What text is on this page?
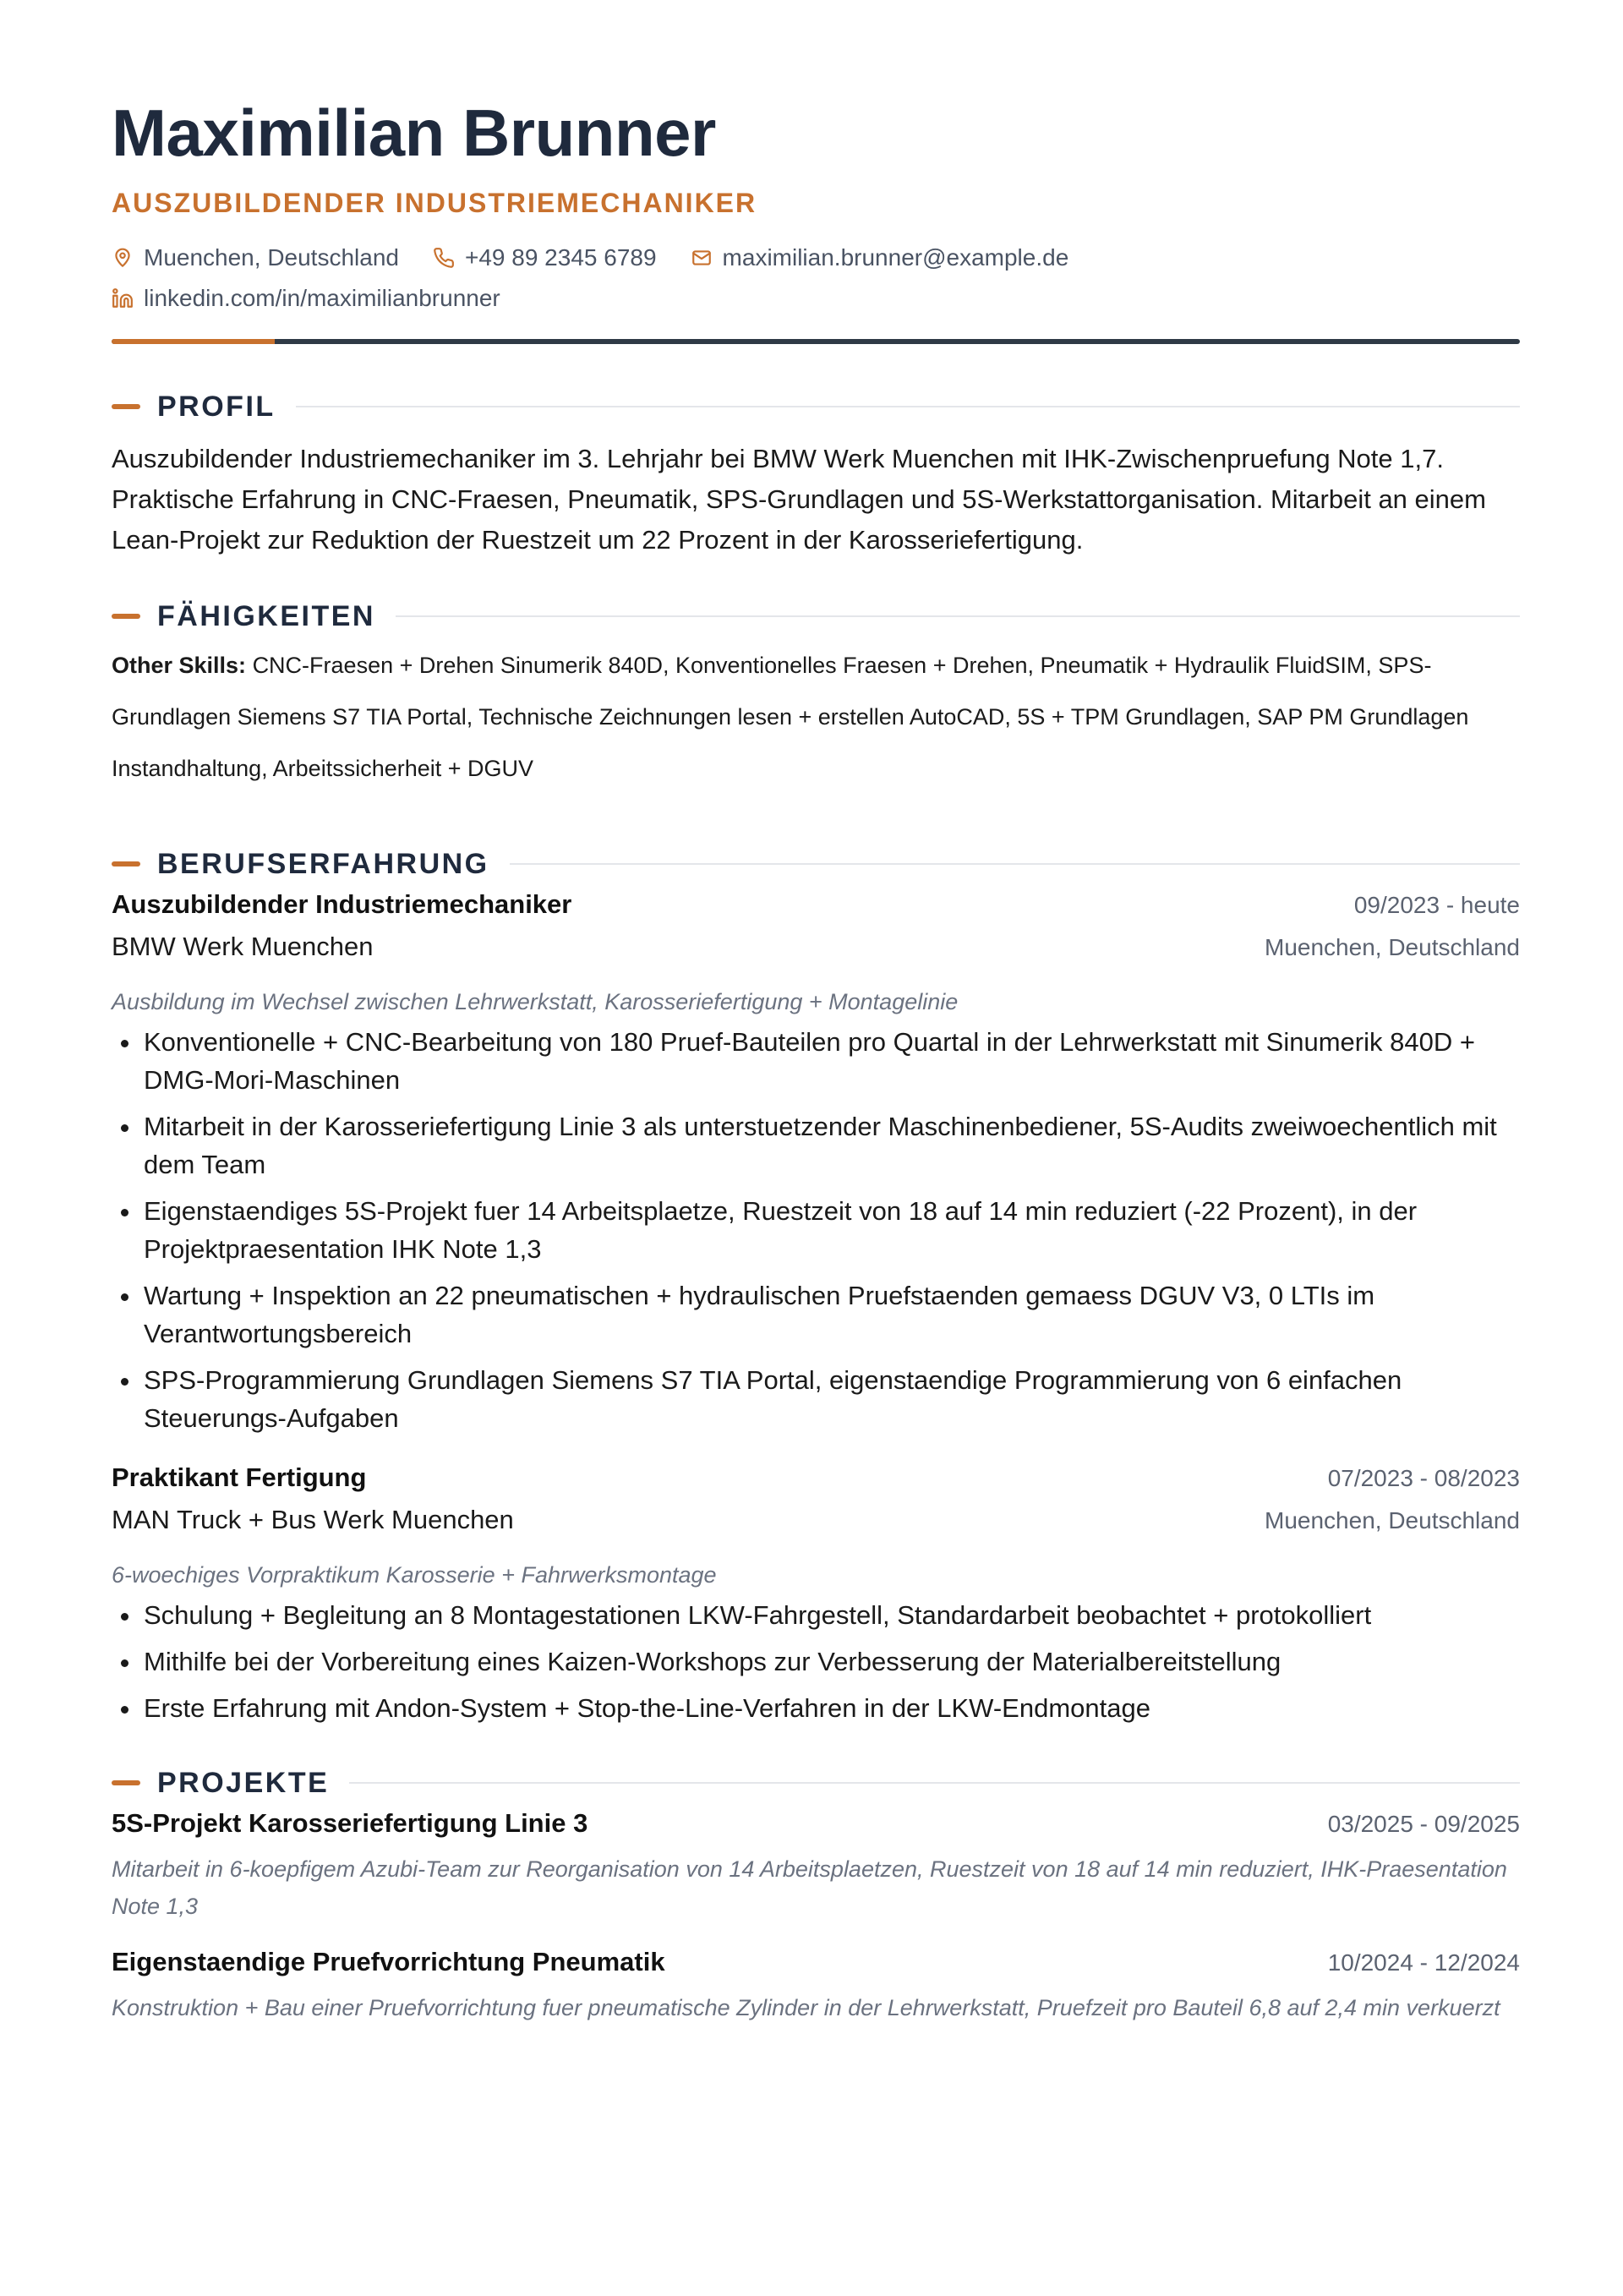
Maximilian Brunner
AUSZUBILDENDER INDUSTRIEMECHANIKER
Muenchen, Deutschland	+49 89 2345 6789	maximilian.brunner@example.de
linkedin.com/in/maximilianbrunner
PROFIL

Auszubildender Industriemechaniker im 3. Lehrjahr bei BMW Werk Muenchen mit IHK-Zwischenpruefung Note 1,7. Praktische Erfahrung in CNC-Fraesen, Pneumatik, SPS-Grundlagen und 5S-Werkstattorganisation. Mitarbeit an einem Lean-Projekt zur Reduktion der Ruestzeit um 22 Prozent in der Karosseriefertigung.

FÄHIGKEITEN

Other Skills: CNC-Fraesen + Drehen Sinumerik 840D, Konventionelles Fraesen + Drehen, Pneumatik + Hydraulik FluidSIM, SPS-Grundlagen Siemens S7 TIA Portal, Technische Zeichnungen lesen + erstellen AutoCAD, 5S + TPM Grundlagen, SAP PM Grundlagen Instandhaltung, Arbeitssicherheit + DGUV

BERUFSERFAHRUNG
Auszubildender Industriemechaniker	09/2023 - heute
BMW Werk Muenchen	Muenchen, Deutschland
Ausbildung im Wechsel zwischen Lehrwerkstatt, Karosseriefertigung + Montagelinie
• Konventionelle + CNC-Bearbeitung von 180 Pruef-Bauteilen pro Quartal in der Lehrwerkstatt mit Sinumerik 840D + DMG-Mori-Maschinen
• Mitarbeit in der Karosseriefertigung Linie 3 als unterstuetzender Maschinenbediener, 5S-Audits zweiwoechentlich mit dem Team
• Eigenstaendiges 5S-Projekt fuer 14 Arbeitsplaetze, Ruestzeit von 18 auf 14 min reduziert (-22 Prozent), in der Projektpraesentation IHK Note 1,3
• Wartung + Inspektion an 22 pneumatischen + hydraulischen Pruefstaenden gemaess DGUV V3, 0 LTIs im Verantwortungsbereich
• SPS-Programmierung Grundlagen Siemens S7 TIA Portal, eigenstaendige Programmierung von 6 einfachen Steuerungs-Aufgaben
Praktikant Fertigung	07/2023 - 08/2023
MAN Truck + Bus Werk Muenchen	Muenchen, Deutschland
6-woechiges Vorpraktikum Karosserie + Fahrwerksmontage
• Schulung + Begleitung an 8 Montagestationen LKW-Fahrgestell, Standardarbeit beobachtet + protokolliert
• Mithilfe bei der Vorbereitung eines Kaizen-Workshops zur Verbesserung der Materialbereitstellung
• Erste Erfahrung mit Andon-System + Stop-the-Line-Verfahren in der LKW-Endmontage
PROJEKTE
5S-Projekt Karosseriefertigung Linie 3	03/2025 - 09/2025

Mitarbeit in 6-koepfigem Azubi-Team zur Reorganisation von 14 Arbeitsplaetzen, Ruestzeit von 18 auf 14 min reduziert, IHK-Praesentation Note 1,3

Eigenstaendige Pruefvorrichtung Pneumatik	10/2024 - 12/2024

Konstruktion + Bau einer Pruefvorrichtung fuer pneumatische Zylinder in der Lehrwerkstatt, Pruefzeit pro Bauteil 6,8 auf 2,4 min verkuerzt
